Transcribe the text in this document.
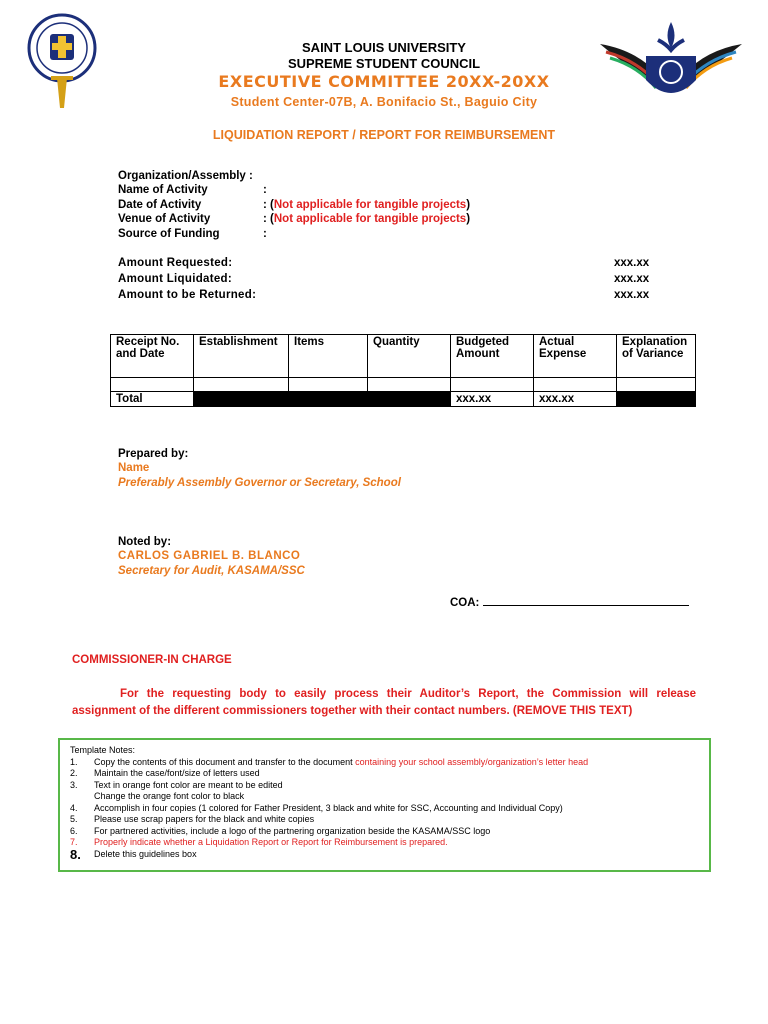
SAINT LOUIS UNIVERSITY
SUPREME STUDENT COUNCIL
EXECUTIVE COMMITTEE 20XX-20XX
Student Center-07B, A. Bonifacio St., Baguio City
LIQUIDATION REPORT / REPORT FOR REIMBURSEMENT
Organization/Assembly :
Name of Activity	:
Date of Activity	: (Not applicable for tangible projects)
Venue of Activity	: (Not applicable for tangible projects)
Source of Funding	:
Amount Requested:	xxx.xx
Amount Liquidated:	xxx.xx
Amount to be Returned:	xxx.xx
Receipt No. and Date	Establishment	Items	Quantity	Budgeted Amount	Actual Expense	Explanation of Variance

Total				xxx.xx	xxx.xx	
Prepared by:
Name
Preferably Assembly Governor or Secretary, School
Noted by:
CARLOS GABRIEL B. BLANCO
Secretary for Audit, KASAMA/SSC
COA:
COMMISSIONER-IN CHARGE
For the requesting body to easily process their Auditor’s Report, the Commission will release assignment of the different commissioners together with their contact numbers. (REMOVE THIS TEXT)
Template Notes:
1.	Copy the contents of this document and transfer to the document containing your school assembly/organization’s letter head
2.	Maintain the case/font/size of letters used
3.	Text in orange font color are meant to be edited
Change the orange font color to black
4.	Accomplish in four copies (1 colored for Father President, 3 black and white for SSC, Accounting and Individual Copy)
5.	Please use scrap papers for the black and white copies
6.	For partnered activities, include a logo of the partnering organization beside the KASAMA/SSC logo
7.	Properly indicate whether a Liquidation Report or Report for Reimbursement is prepared.
8.	Delete this guidelines box
